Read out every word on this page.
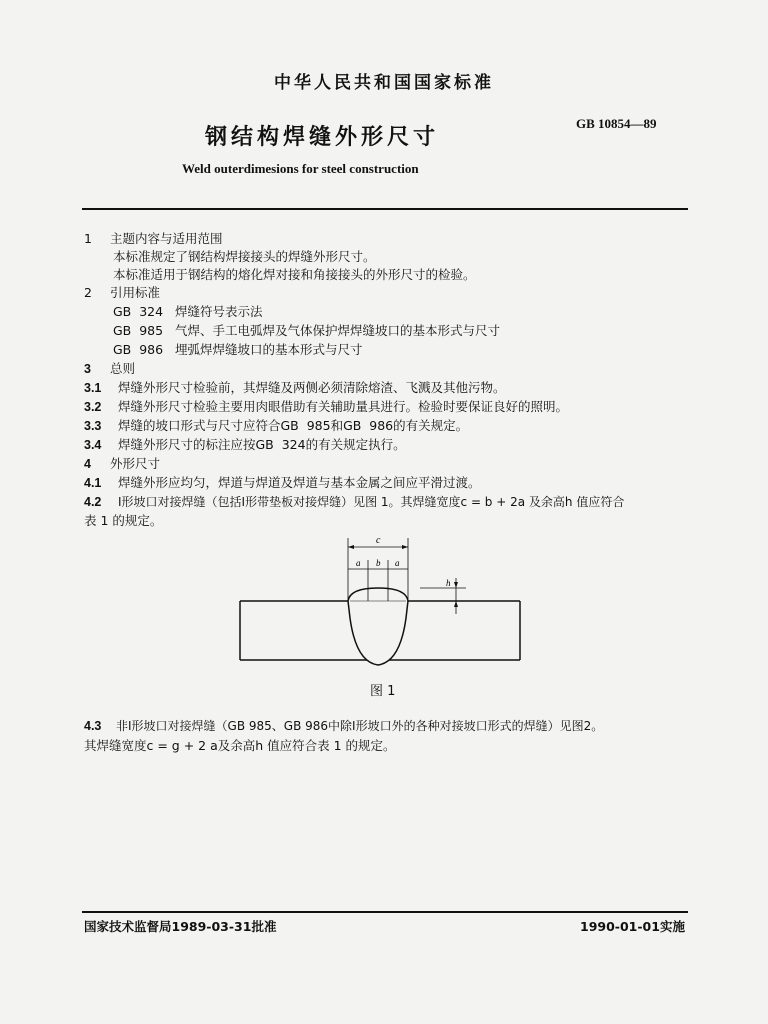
中华人民共和国国家标准
钢结构焊缝外形尺寸
GB 10854—89
Weld outerdimesions for steel construction
1 主题内容与适用范围
本标准规定了钢结构焊接接头的焊缝外形尺寸。
本标准适用于钢结构的熔化焊对接和角接接头的外形尺寸的检验。
2 引用标准
GB  324   焊缝符号表示法
GB  985   气焊、手工电弧焊及气体保护焊焊缝坡口的基本形式与尺寸
GB  986   埋弧焊焊缝坡口的基本形式与尺寸
3 总则
3.1 焊缝外形尺寸检验前，其焊缝及两侧必须清除熔渣、飞溅及其他污物。
3.2 焊缝外形尺寸检验主要用肉眼借助有关辅助量具进行。检验时要保证良好的照明。
3.3 焊缝的坡口形式与尺寸应符合GB  985和GB  986的有关规定。
3.4 焊缝外形尺寸的标注应按GB  324的有关规定执行。
4 外形尺寸
4.1 焊缝外形应均匀，焊道与焊道及焊道与基本金属之间应平滑过渡。
4.2 Ⅰ形坡口对接焊缝（包括Ⅰ形带垫板对接焊缝）见图 1。其焊缝宽度c = b + 2a 及余高h 值应符合
表 1 的规定。
c
a b a
h
图 1
4.3 非Ⅰ形坡口对接焊缝（GB 985、GB 986中除Ⅰ形坡口外的各种对接坡口形式的焊缝）见图2。
其焊缝宽度c = g + 2 a及余高h 值应符合表 1 的规定。
国家技术监督局1989-03-31批准	1990-01-01实施
